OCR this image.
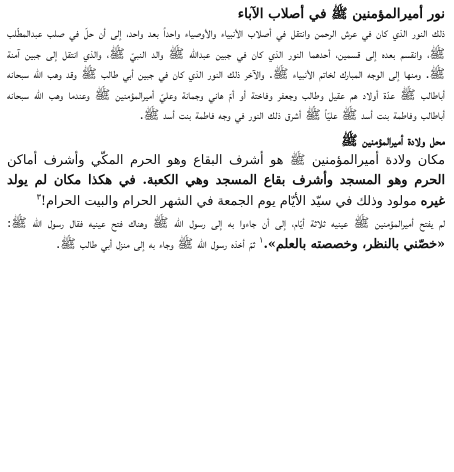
نور أميرالمؤمنين ﷺ في أصلاب الآباء

ذلك النور الذي كان في عرش الرحمن وانتقل في أصلاب الأنبياء والأوصياء واحداً بعد واحد، إلى أن حلّ في صلب عبدالمطّلب ﷺ، وانقسم بعده إلى قسمين، أحدهما النور الذي كان في جبين عبدالله ﷺ والد النبيّ ﷺ، والذي انتقل إلى جبين آمنة ﷺ. ومنها إلى الوجه المبارك لخاتم الأنبياء ﷺ. والآخر ذلك النور الذي كان في جبين أبي طالب ﷺ وقد وهب الله سبحانه أباطالب ﷺ عدّة أولاد هم عقيل وطالب وجعفر وفاختة أو أمّ هاني وجمانة وعليّ أميرالمؤمنين ﷺ وعندما وهب الله سبحانه أباطالب وفاطمة بنت أسد ﷺ عليّاً ﷺ أشرق ذلك النور في وجه فاطمة بنت أسد ﷺ.

محل ولادة أميرالمؤمنين ﷺ

مكان ولادة أميرالمؤمنين ﷺ هو أشرف البقاع وهو الحرم المكّي وأشرف أماكن الحرم وهو المسجد وأشرف بقاع المسجد وهي الكعبة. في هكذا مكان لم يولد غيره مولود وذلك في سيّد الأيّام يوم الجمعة في الشهر الحرام والبيت الحرام!$^٣$

لم يفتح أميرالمؤمنين ﷺ عينيه ثلاثة أيّام، إلى أن جاءوا به إلى رسول الله ﷺ وهناك فتح عينيه فقال رسول الله ﷺ: «خصّني بالنظر، وخصصته بالعلم».$^١$ ثمّ أخذه رسول الله ﷺ وجاء به إلى منزل أبي طالب ﷺ.
